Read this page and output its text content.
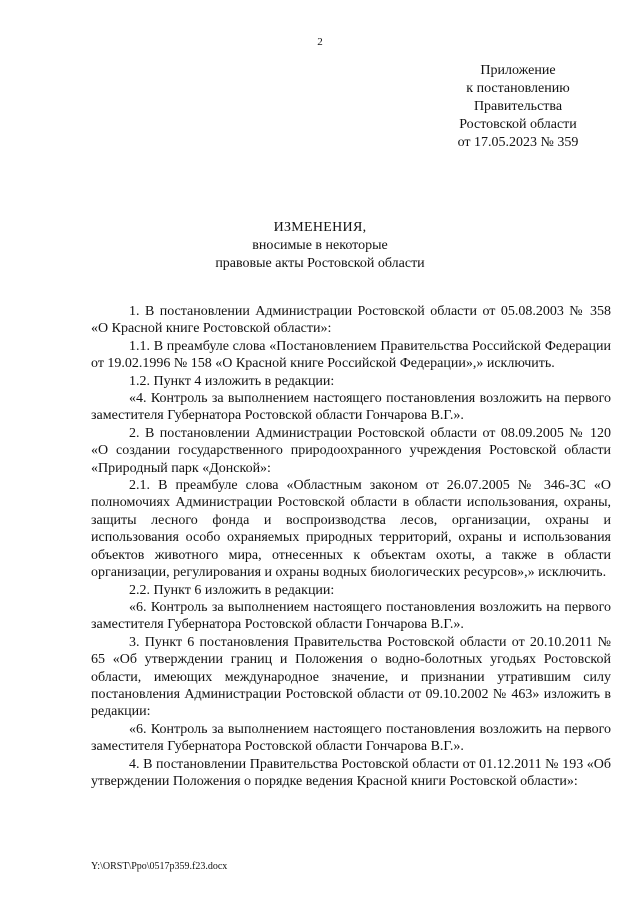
2
Приложение
к постановлению
Правительства
Ростовской области
от 17.05.2023 № 359
ИЗМЕНЕНИЯ,
вносимые в некоторые
правовые акты Ростовской области

1. В постановлении Администрации Ростовской области от 05.08.2003 № 358 «О Красной книге Ростовской области»:

1.1. В преамбуле слова «Постановлением Правительства Российской Федерации от 19.02.1996 № 158 «О Красной книге Российской Федерации»,» исключить.

1.2. Пункт 4 изложить в редакции:

«4. Контроль за выполнением настоящего постановления возложить на первого заместителя Губернатора Ростовской области Гончарова В.Г.».

2. В постановлении Администрации Ростовской области от 08.09.2005 № 120 «О создании государственного природоохранного учреждения Ростовской области «Природный парк «Донской»:

2.1. В преамбуле слова «Областным законом от 26.07.2005 № 346-ЗС «О полномочиях Администрации Ростовской области в области использования, охраны, защиты лесного фонда и воспроизводства лесов, организации, охраны и использования особо охраняемых природных территорий, охраны и использования объектов животного мира, отнесенных к объектам охоты, а также в области организации, регулирования и охраны водных биологических ресурсов»,» исключить.

2.2. Пункт 6 изложить в редакции:

«6. Контроль за выполнением настоящего постановления возложить на первого заместителя Губернатора Ростовской области Гончарова В.Г.».

3. Пункт 6 постановления Правительства Ростовской области от 20.10.2011 № 65 «Об утверждении границ и Положения о водно-болотных угодьях Ростовской области, имеющих международное значение, и признании утратившим силу постановления Администрации Ростовской области от 09.10.2002 № 463» изложить в редакции:

«6. Контроль за выполнением настоящего постановления возложить на первого заместителя Губернатора Ростовской области Гончарова В.Г.».

4. В постановлении Правительства Ростовской области от 01.12.2011 № 193 «Об утверждении Положения о порядке ведения Красной книги Ростовской области»:

Y:\ORST\Ppo\0517p359.f23.docx
